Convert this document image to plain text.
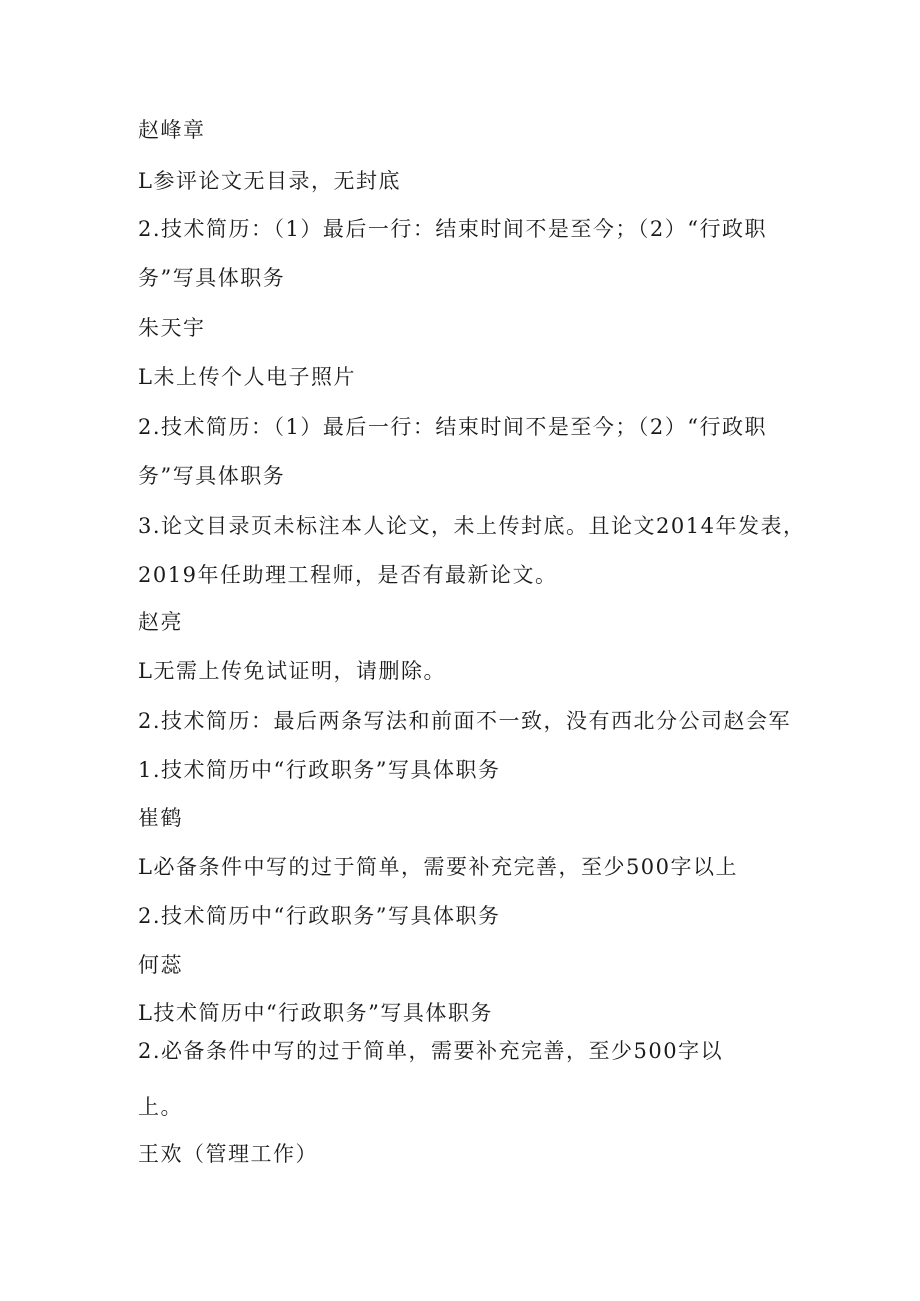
赵峰章

L参评论文无目录，无封底

2.技术简历：（1）最后一行：结束时间不是至今；（2）“行政职

务”写具体职务

朱天宇

L未上传个人电子照片

2.技术简历：（1）最后一行：结束时间不是至今；（2）“行政职

务”写具体职务

3.论文目录页未标注本人论文，未上传封底。且论文2014年发表，

2019年任助理工程师，是否有最新论文。

赵亮

L无需上传免试证明，请删除。

2.技术简历：最后两条写法和前面不一致，没有西北分公司赵会军

1.技术简历中“行政职务”写具体职务

崔鹤

L必备条件中写的过于简单，需要补充完善，至少500字以上

2.技术简历中“行政职务”写具体职务

何蕊

L技术简历中“行政职务”写具体职务

2.必备条件中写的过于简单，需要补充完善，至少500字以

上。

王欢（管理工作）
